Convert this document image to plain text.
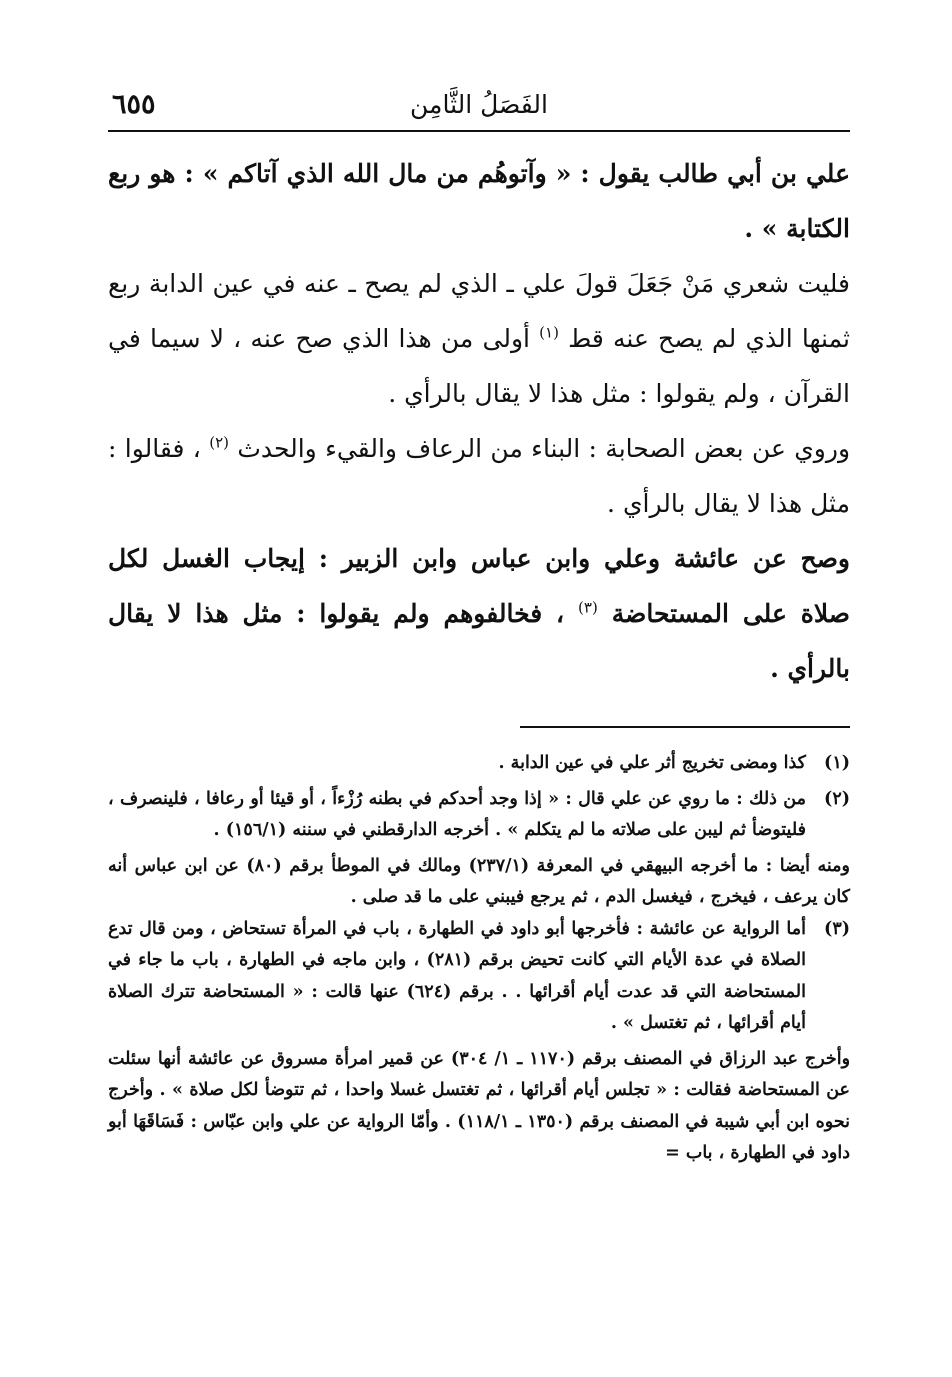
٦٥٥	الفَصَلُ الثَّامِن

علي بن أبي طالب يقول : « وآتوهُم من مال الله الذي آتاكم » : هو ربع الكتابة » .

فليت شعري مَنْ جَعَلَ قولَ علي ـ الذي لم يصح ـ عنه في عين الدابة ربع ثمنها الذي لم يصح عنه قط $^{(١)}$ أولى من هذا الذي صح عنه ، لا سيما في القرآن ، ولم يقولوا : مثل هذا لا يقال بالرأي .

وروي عن بعض الصحابة : البناء من الرعاف والقيء والحدث $^{(٢)}$ ، فقالوا : مثل هذا لا يقال بالرأي .

وصح عن عائشة وعلي وابن عباس وابن الزبير : إيجاب الغسل لكل صلاة على المستحاضة $^{(٣)}$ ، فخالفوهم ولم يقولوا : مثل هذا لا يقال بالرأي .

(١)

كذا ومضى تخريج أثر علي في عين الدابة .

(٢)

من ذلك : ما روي عن علي قال : « إذا وجد أحدكم في بطنه رُزْءاً ، أو قيئا أو رعافا ، فلينصرف ، فليتوضأ ثم ليبن على صلاته ما لم يتكلم » . أخرجه الدارقطني في سننه (١٥٦/١) .

ومنه أيضا : ما أخرجه البيهقي في المعرفة (٢٣٧/١) ومالك في الموطأ برقم (٨٠) عن ابن عباس أنه كان يرعف ، فيخرج ، فيغسل الدم ، ثم يرجع فيبني على ما قد صلى .

(٣)

أما الرواية عن عائشة : فأخرجها أبو داود في الطهارة ، باب في المرأة تستحاض ، ومن قال تدع الصلاة في عدة الأيام التي كانت تحيض برقم (٢٨١) ، وابن ماجه في الطهارة ، باب ما جاء في المستحاضة التي قد عدت أيام أقرائها . . برقم (٦٢٤) عنها قالت : « المستحاضة تترك الصلاة أيام أقرائها ، ثم تغتسل » .

وأخرج عبد الرزاق في المصنف برقم (١١٧٠ ـ ١/ ٣٠٤) عن قمير امرأة مسروق عن عائشة أنها سئلت عن المستحاضة فقالت : « تجلس أيام أقرائها ، ثم تغتسل غسلا واحدا ، ثم تتوضأ لكل صلاة » . وأخرج نحوه ابن أبي شيبة في المصنف برقم (١٣٥٠ ـ ١١٨/١) . وأمّا الرواية عن علي وابن عبّاس : فَسَاقَهَا أبو داود في الطهارة ، باب =
